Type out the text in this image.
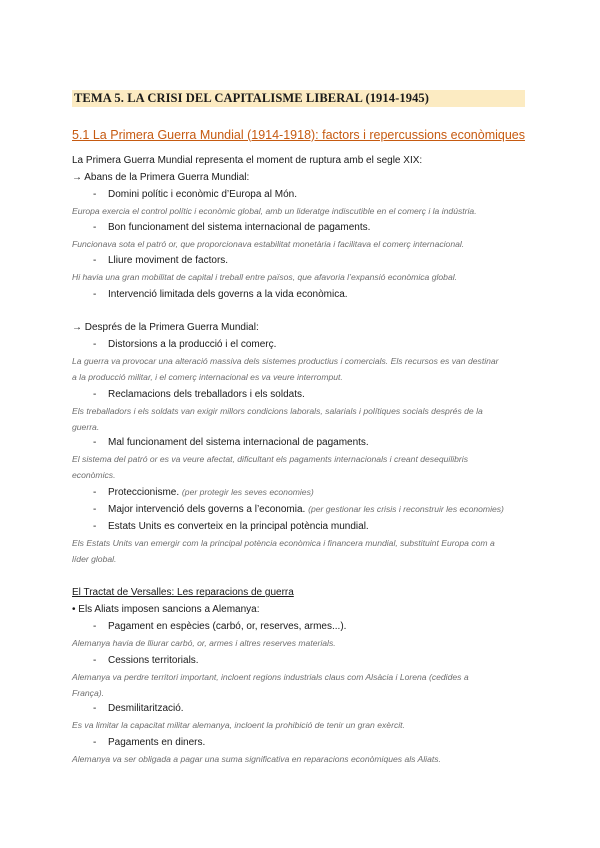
TEMA 5. LA CRISI DEL CAPITALISME LIBERAL (1914-1945)
5.1 La Primera Guerra Mundial (1914-1918): factors i repercussions econòmiques
La Primera Guerra Mundial representa el moment de ruptura amb el segle XIX:
→ Abans de la Primera Guerra Mundial:
- Domini polític i econòmic d’Europa al Món.
Europa exercia el control polític i econòmic global, amb un lideratge indiscutible en el comerç i la indústria.
- Bon funcionament del sistema internacional de pagaments.
Funcionava sota el patró or, que proporcionava estabilitat monetària i facilitava el comerç internacional.
- Lliure moviment de factors.
Hi havia una gran mobilitat de capital i treball entre països, que afavoria l’expansió econòmica global.
- Intervenció limitada dels governs a la vida econòmica.
→ Després de la Primera Guerra Mundial:
- Distorsions a la producció i el comerç.
La guerra va provocar una alteració massiva dels sistemes productius i comercials. Els recursos es van destinar
a la producció militar, i el comerç internacional es va veure interromput.
- Reclamacions dels treballadors i els soldats.
Els treballadors i els soldats van exigir millors condicions laborals, salarials i polítiques socials després de la
guerra.
- Mal funcionament del sistema internacional de pagaments.
El sistema del patró or es va veure afectat, dificultant els pagaments internacionals i creant desequilibris
econòmics.
- Proteccionisme. (per protegir les seves economies)
- Major intervenció dels governs a l’economia. (per gestionar les crisis i reconstruir les economies)
- Estats Units es converteix en la principal potència mundial.
Els Estats Units van emergir com la principal potència econòmica i financera mundial, substituint Europa com a
líder global.
El Tractat de Versalles: Les reparacions de guerra
• Els Aliats imposen sancions a Alemanya:
- Pagament en espècies (carbó, or, reserves, armes...).
Alemanya havia de lliurar carbó, or, armes i altres reserves materials.
- Cessions territorials.
Alemanya va perdre territori important, incloent regions industrials claus com Alsàcia i Lorena (cedides a
França).
- Desmilitarització.
Es va limitar la capacitat militar alemanya, incloent la prohibició de tenir un gran exèrcit.
- Pagaments en diners.
Alemanya va ser obligada a pagar una suma significativa en reparacions econòmiques als Aliats.
